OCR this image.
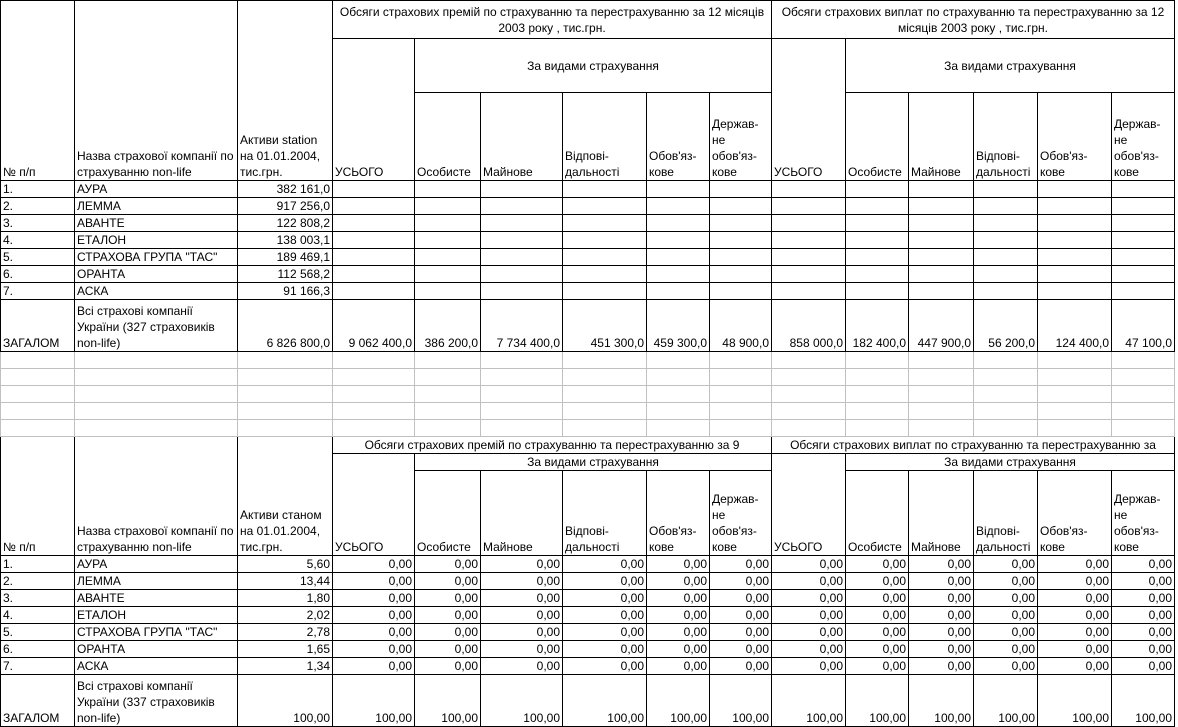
№ п/п	Назва страхової компанії по страхуванню non-life	Активи station на 01.01.2004, тис.грн.	Обсяги страхових премій по страхуванню та перестрахуванню за 12 місяців 2003 року , тис.грн.						Обсяги страхових виплат по страхуванню та перестрахуванню за 12 місяців 2003 року , тис.грн.					
			УСЬОГО	За видами страхування					УСЬОГО	За видами страхування				
				Особисте	Майнове	Відпові-дальності	Обов'яз-кове	Держав-не обов'яз-кове		Особисте	Майнове	Відпові-дальності	Обов'яз-кове	Держав-не обов'яз-кове

1.	АУРА	382 161,0												
2.	ЛЕММА	917 256,0												
3.	АВАНТЕ	122 808,2												
4.	ЕТАЛОН	138 003,1												
5.	СТРАХОВА ГРУПА "ТАС"	189 469,1												
6.	ОРАНТА	112 568,2												
7.	АСКА	91 166,3												
ЗАГАЛОМ	Всі страхові компанії України (327 страховиків non-life)	6 826 800,0	9 062 400,0	386 200,0	7 734 400,0	451 300,0	459 300,0	48 900,0	858 000,0	182 400,0	447 900,0	56 200,0	124 400,0	47 100,0

№ п/п	Назва страхової компанії по страхуванню non-life	Активи станом на 01.01.2004, тис.грн.	Обсяги страхових премій по страхуванню та перестрахуванню за 9						Обсяги страхових виплат по страхуванню та перестрахуванню за					
			УСЬОГО	За видами страхування					УСЬОГО	За видами страхування				
				Особисте	Майнове	Відпові-дальності	Обов'яз-кове	Держав-не обов'яз-кове		Особисте	Майнове	Відпові-дальності	Обов'яз-кове	Держав-не обов'яз-кове

1.	АУРА	5,60	0,00	0,00	0,00	0,00	0,00	0,00	0,00	0,00	0,00	0,00	0,00	0,00
2.	ЛЕММА	13,44	0,00	0,00	0,00	0,00	0,00	0,00	0,00	0,00	0,00	0,00	0,00	0,00
3.	АВАНТЕ	1,80	0,00	0,00	0,00	0,00	0,00	0,00	0,00	0,00	0,00	0,00	0,00	0,00
4.	ЕТАЛОН	2,02	0,00	0,00	0,00	0,00	0,00	0,00	0,00	0,00	0,00	0,00	0,00	0,00
5.	СТРАХОВА ГРУПА "ТАС"	2,78	0,00	0,00	0,00	0,00	0,00	0,00	0,00	0,00	0,00	0,00	0,00	0,00
6.	ОРАНТА	1,65	0,00	0,00	0,00	0,00	0,00	0,00	0,00	0,00	0,00	0,00	0,00	0,00
7.	АСКА	1,34	0,00	0,00	0,00	0,00	0,00	0,00	0,00	0,00	0,00	0,00	0,00	0,00
ЗАГАЛОМ	Всі страхові компанії України (337 страховиків non-life)	100,00	100,00	100,00	100,00	100,00	100,00	100,00	100,00	100,00	100,00	100,00	100,00	100,00
